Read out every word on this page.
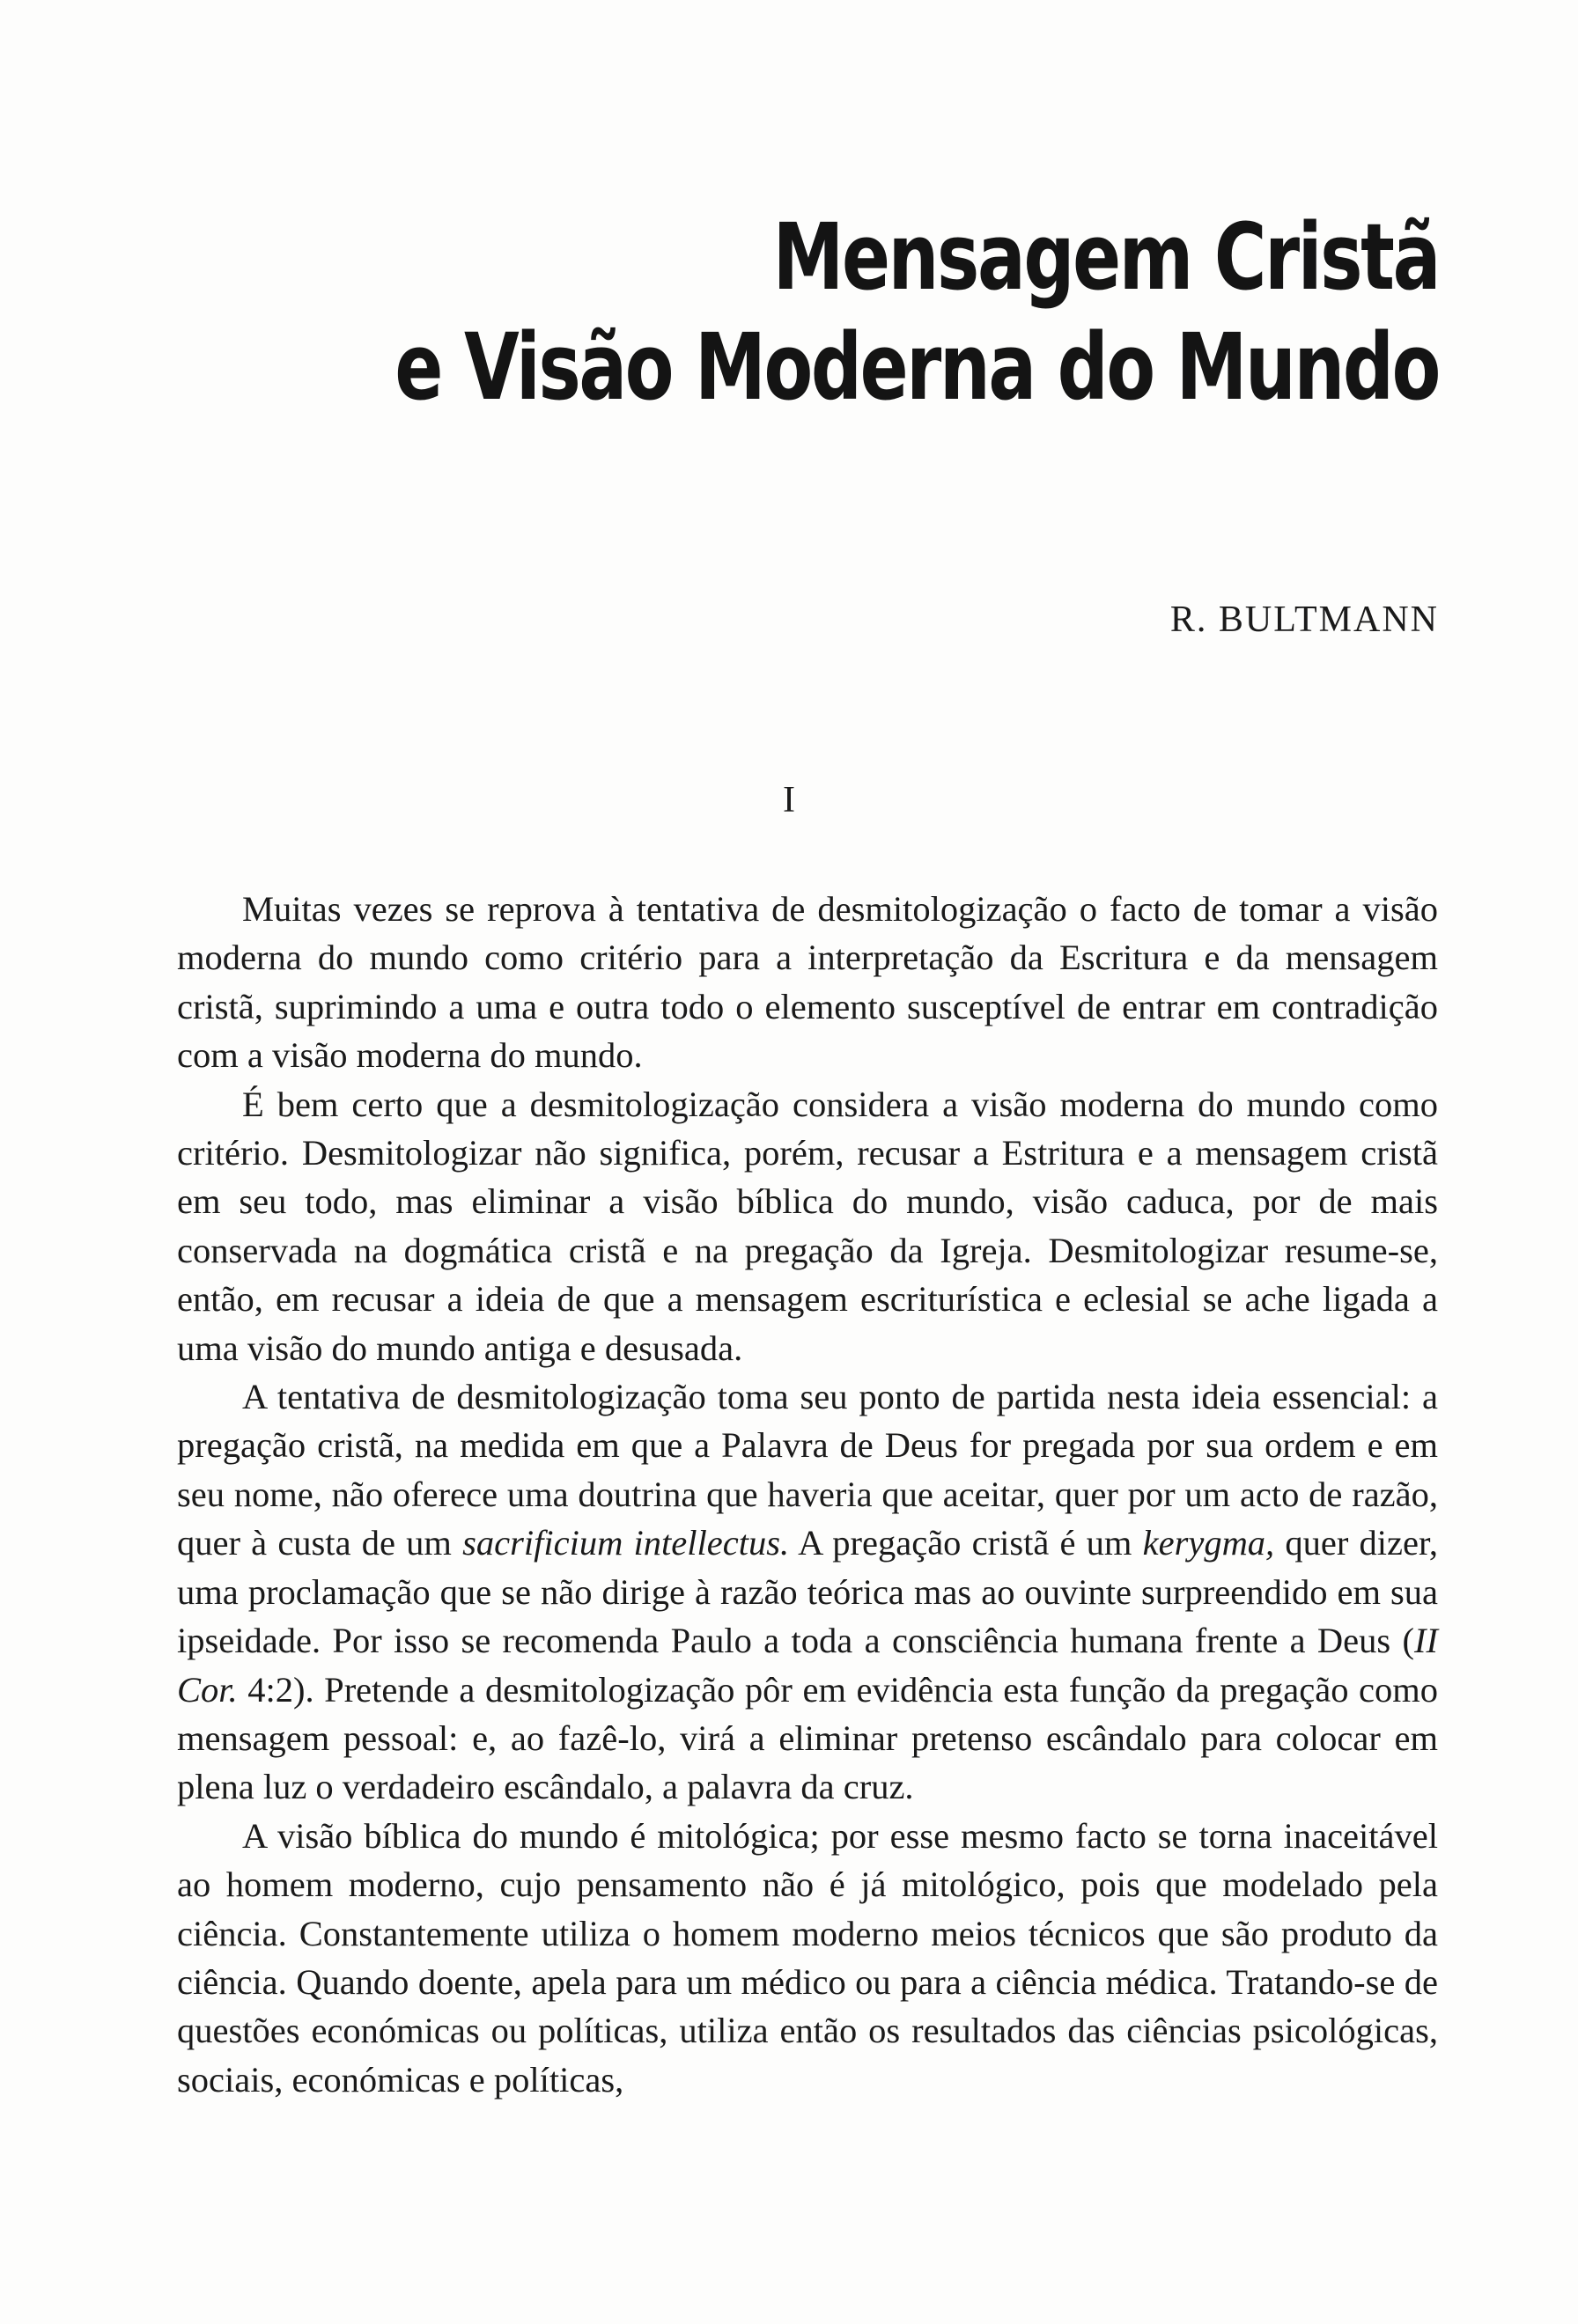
Mensagem Cristã
e Visão Moderna do Mundo
R. BULTMANN
I

Muitas vezes se reprova à tentativa de desmitologização o facto de tomar a visão moderna do mundo como critério para a interpretação da Escritura e da mensagem cristã, suprimindo a uma e outra todo o elemento susceptível de entrar em contradição com a visão moderna do mundo.

É bem certo que a desmitologização considera a visão moderna do mundo como critério. Desmitologizar não significa, porém, recusar a Estritura e a mensagem cristã em seu todo, mas eliminar a visão bíblica do mundo, visão caduca, por de mais conservada na dogmática cristã e na pregação da Igreja. Desmitologizar resume-se, então, em recusar a ideia de que a mensagem escriturística e eclesial se ache ligada a uma visão do mundo antiga e desusada.

A tentativa de desmitologização toma seu ponto de partida nesta ideia essencial: a pregação cristã, na medida em que a Palavra de Deus for pregada por sua ordem e em seu nome, não oferece uma doutrina que haveria que aceitar, quer por um acto de razão, quer à custa de um sacrificium intellectus. A pregação cristã é um kerygma, quer dizer, uma proclamação que se não dirige à razão teórica mas ao ouvinte surpreendido em sua ipseidade. Por isso se recomenda Paulo a toda a consciência humana frente a Deus (II Cor. 4:2). Pretende a desmitologização pôr em evidência esta função da pregação como mensagem pessoal: e, ao fazê-lo, virá a eliminar pretenso escândalo para colocar em plena luz o verdadeiro escândalo, a palavra da cruz.

A visão bíblica do mundo é mitológica; por esse mesmo facto se torna inaceitável ao homem moderno, cujo pensamento não é já mitológico, pois que modelado pela ciência. Constantemente utiliza o homem moderno meios técnicos que são produto da ciência. Quando doente, apela para um médico ou para a ciência médica. Tratando-se de questões económicas ou políticas, utiliza então os resultados das ciências psicológicas, sociais, económicas e políticas,
